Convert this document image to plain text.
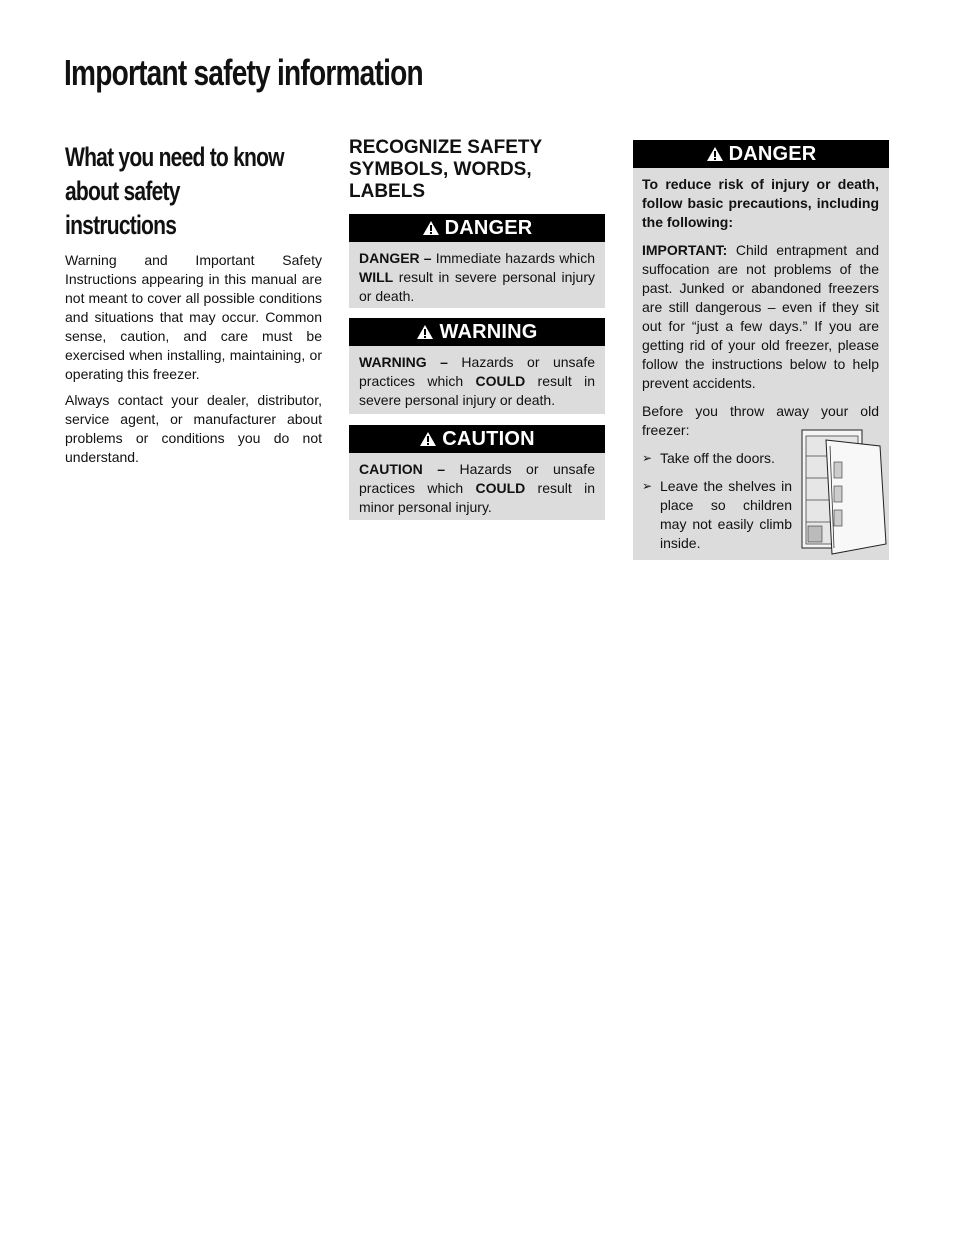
Important safety information
What you need to know
about safety
instructions

Warning and Important Safety Instructions appearing in this manual are not meant to cover all possible conditions and situations that may occur. Common sense, caution, and care must be exercised when installing, maintaining, or operating this freezer.

Always contact your dealer, distributor, service agent, or manufacturer about problems or conditions you do not understand.

RECOGNIZE SAFETY
SYMBOLS, WORDS,
LABELS
DANGER
DANGER – Immediate hazards which WILL result in severe personal injury or death.
WARNING
WARNING – Hazards or unsafe practices which COULD result in severe personal injury or death.
CAUTION
CAUTION – Hazards or unsafe practices which COULD result in minor personal injury.
DANGER

To reduce risk of injury or death, follow basic precautions, including the following:

IMPORTANT: Child entrapment and suffocation are not problems of the past. Junked or abandoned freezers are still dangerous – even if they sit out for “just a few days.” If you are getting rid of your old freezer, please follow the instructions below to help prevent accidents.

Before you throw away your old freezer:

➢ Take off the doors.
➢ Leave the shelves in place so children may not easily climb inside.
